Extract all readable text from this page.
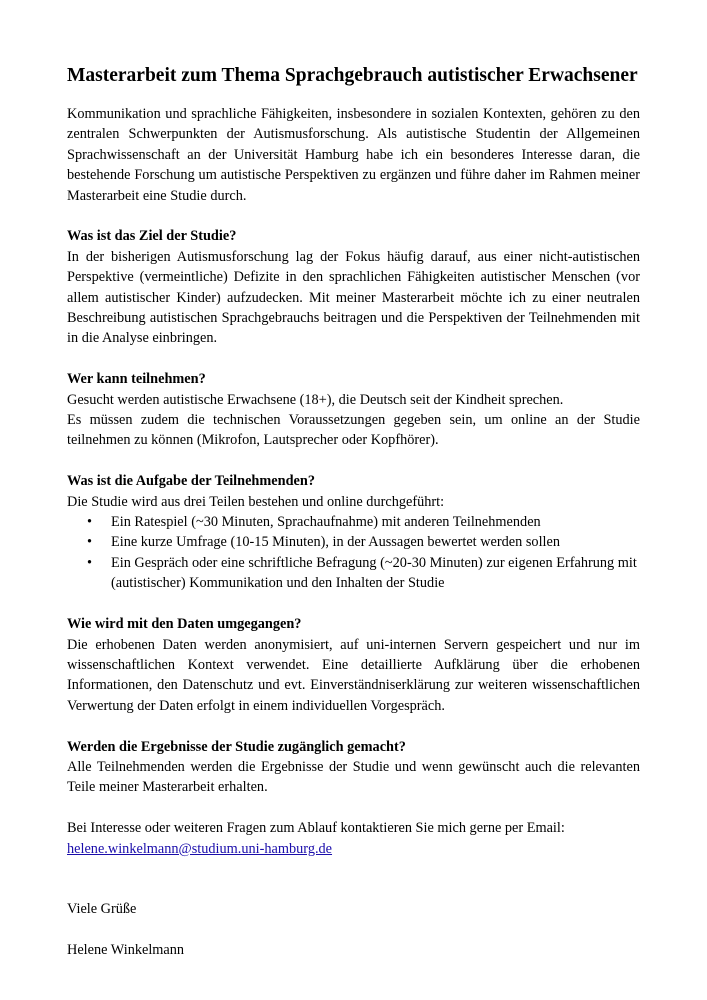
Masterarbeit zum Thema Sprachgebrauch autistischer Erwachsener

Kommunikation und sprachliche Fähigkeiten, insbesondere in sozialen Kontexten, gehören zu den zentralen Schwerpunkten der Autismusforschung. Als autistische Studentin der Allgemeinen Sprachwissenschaft an der Universität Hamburg habe ich ein besonderes Interesse daran, die bestehende Forschung um autistische Perspektiven zu ergänzen und führe daher im Rahmen meiner Masterarbeit eine Studie durch.

Was ist das Ziel der Studie?

In der bisherigen Autismusforschung lag der Fokus häufig darauf, aus einer nicht-autistischen Perspektive (vermeintliche) Defizite in den sprachlichen Fähigkeiten autistischer Menschen (vor allem autistischer Kinder) aufzudecken. Mit meiner Masterarbeit möchte ich zu einer neutralen Beschreibung autistischen Sprachgebrauchs beitragen und die Perspektiven der Teilnehmenden mit in die Analyse einbringen.

Wer kann teilnehmen?

Gesucht werden autistische Erwachsene (18+), die Deutsch seit der Kindheit sprechen.

Es müssen zudem die technischen Voraussetzungen gegeben sein, um online an der Studie teilnehmen zu können (Mikrofon, Lautsprecher oder Kopfhörer).

Was ist die Aufgabe der Teilnehmenden?

Die Studie wird aus drei Teilen bestehen und online durchgeführt:

• Ein Ratespiel (~30 Minuten, Sprachaufnahme) mit anderen Teilnehmenden
• Eine kurze Umfrage (10-15 Minuten), in der Aussagen bewertet werden sollen
• Ein Gespräch oder eine schriftliche Befragung (~20-30 Minuten) zur eigenen Erfahrung mit (autistischer) Kommunikation und den Inhalten der Studie

Wie wird mit den Daten umgegangen?

Die erhobenen Daten werden anonymisiert, auf uni-internen Servern gespeichert und nur im wissenschaftlichen Kontext verwendet. Eine detaillierte Aufklärung über die erhobenen Informationen, den Datenschutz und evt. Einverständniserklärung zur weiteren wissenschaftlichen Verwertung der Daten erfolgt in einem individuellen Vorgespräch.

Werden die Ergebnisse der Studie zugänglich gemacht?

Alle Teilnehmenden werden die Ergebnisse der Studie und wenn gewünscht auch die relevanten Teile meiner Masterarbeit erhalten.

Bei Interesse oder weiteren Fragen zum Ablauf kontaktieren Sie mich gerne per Email:

helene.winkelmann@studium.uni-hamburg.de

Viele Grüße

Helene Winkelmann
